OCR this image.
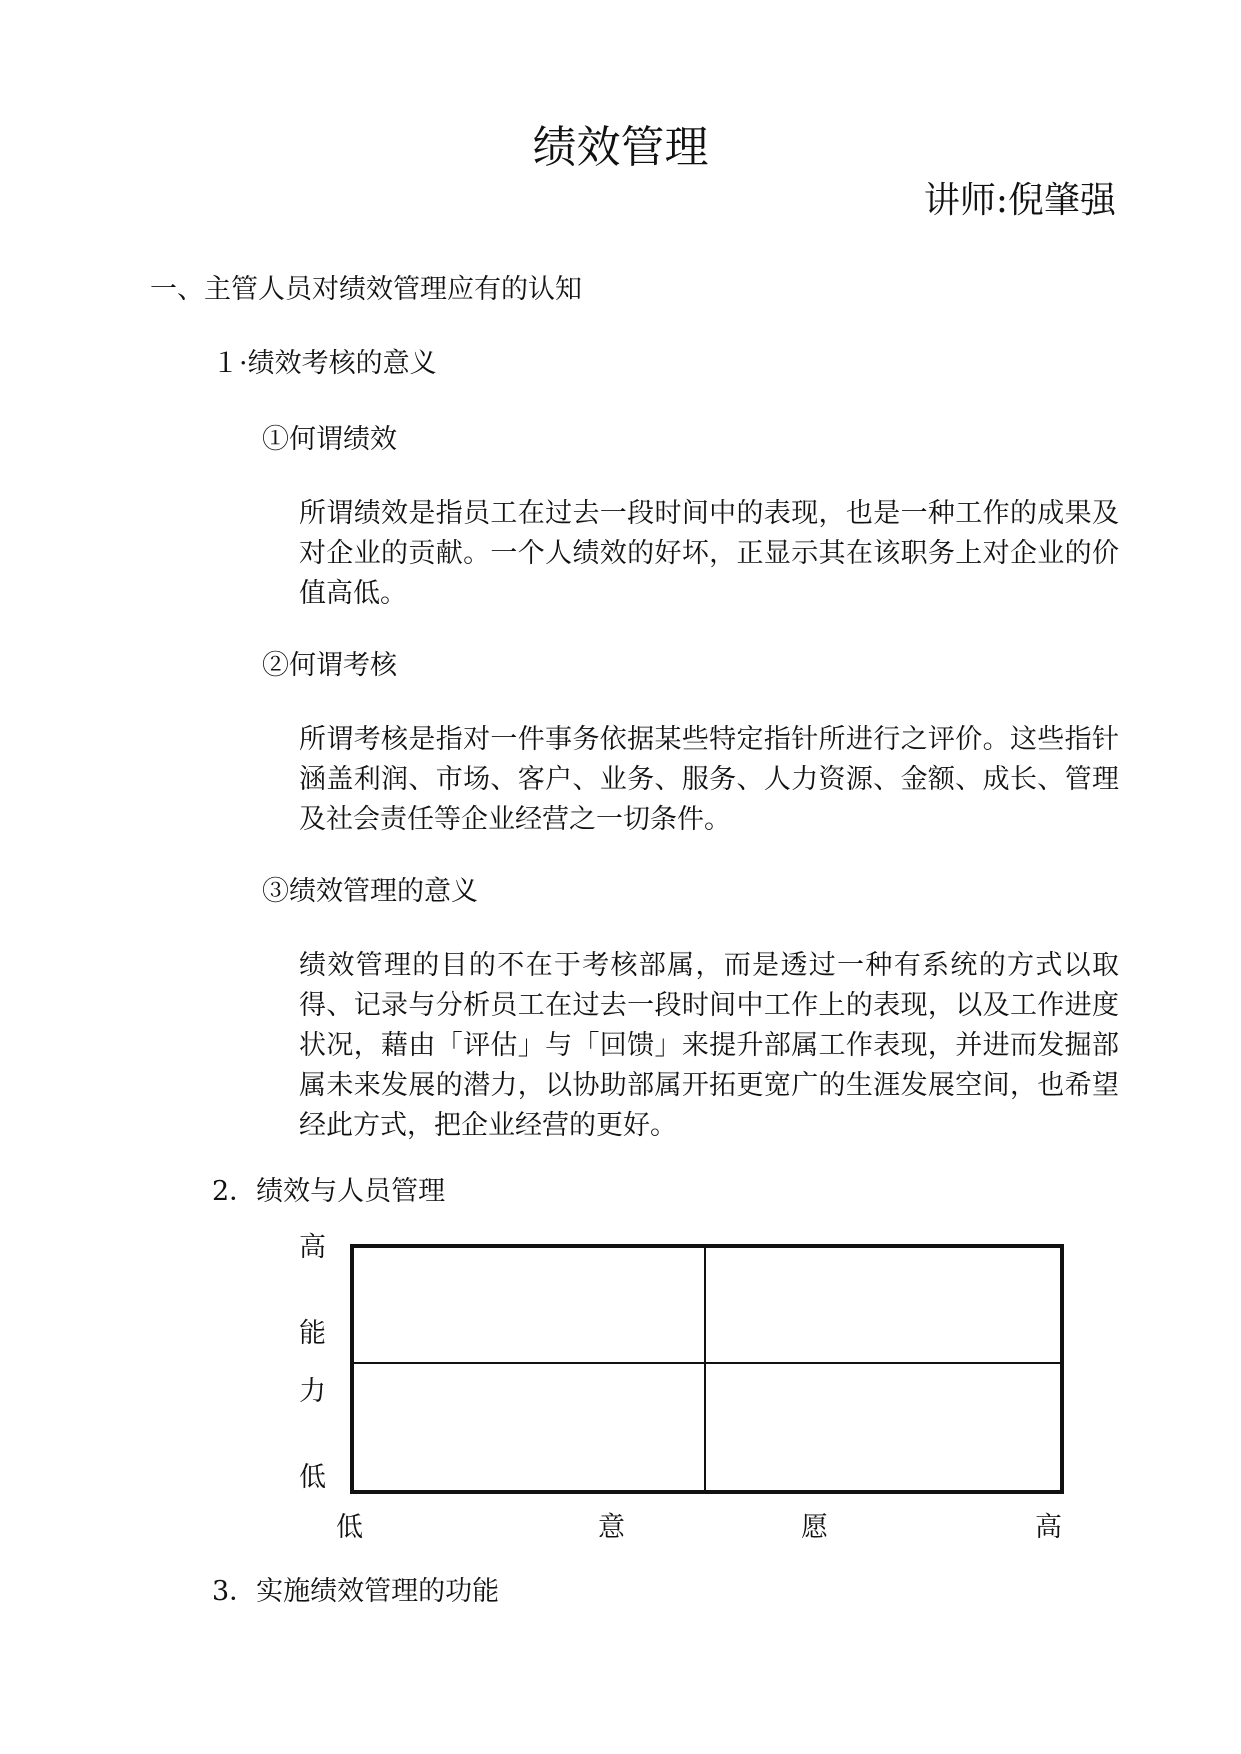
绩效管理
讲师:倪肇强
一、主管人员对绩效管理应有的认知
１·绩效考核的意义
①何谓绩效
所谓绩效是指员工在过去一段时间中的表现，也是一种工作的成果及对企业的贡献。一个人绩效的好坏，正显示其在该职务上对企业的价值高低。
②何谓考核
所谓考核是指对一件事务依据某些特定指针所进行之评价。这些指针涵盖利润、市场、客户、业务、服务、人力资源、金额、成长、管理及社会责任等企业经营之一切条件。
③绩效管理的意义
绩效管理的目的不在于考核部属，而是透过一种有系统的方式以取得、记录与分析员工在过去一段时间中工作上的表现，以及工作进度状况，藉由「评估」与「回馈」来提升部属工作表现，并进而发掘部属未来发展的潜力，以协助部属开拓更宽广的生涯发展空间，也希望经此方式，把企业经营的更好。
2．绩效与人员管理
高
能
力
低
低	意	愿	高
3．实施绩效管理的功能
